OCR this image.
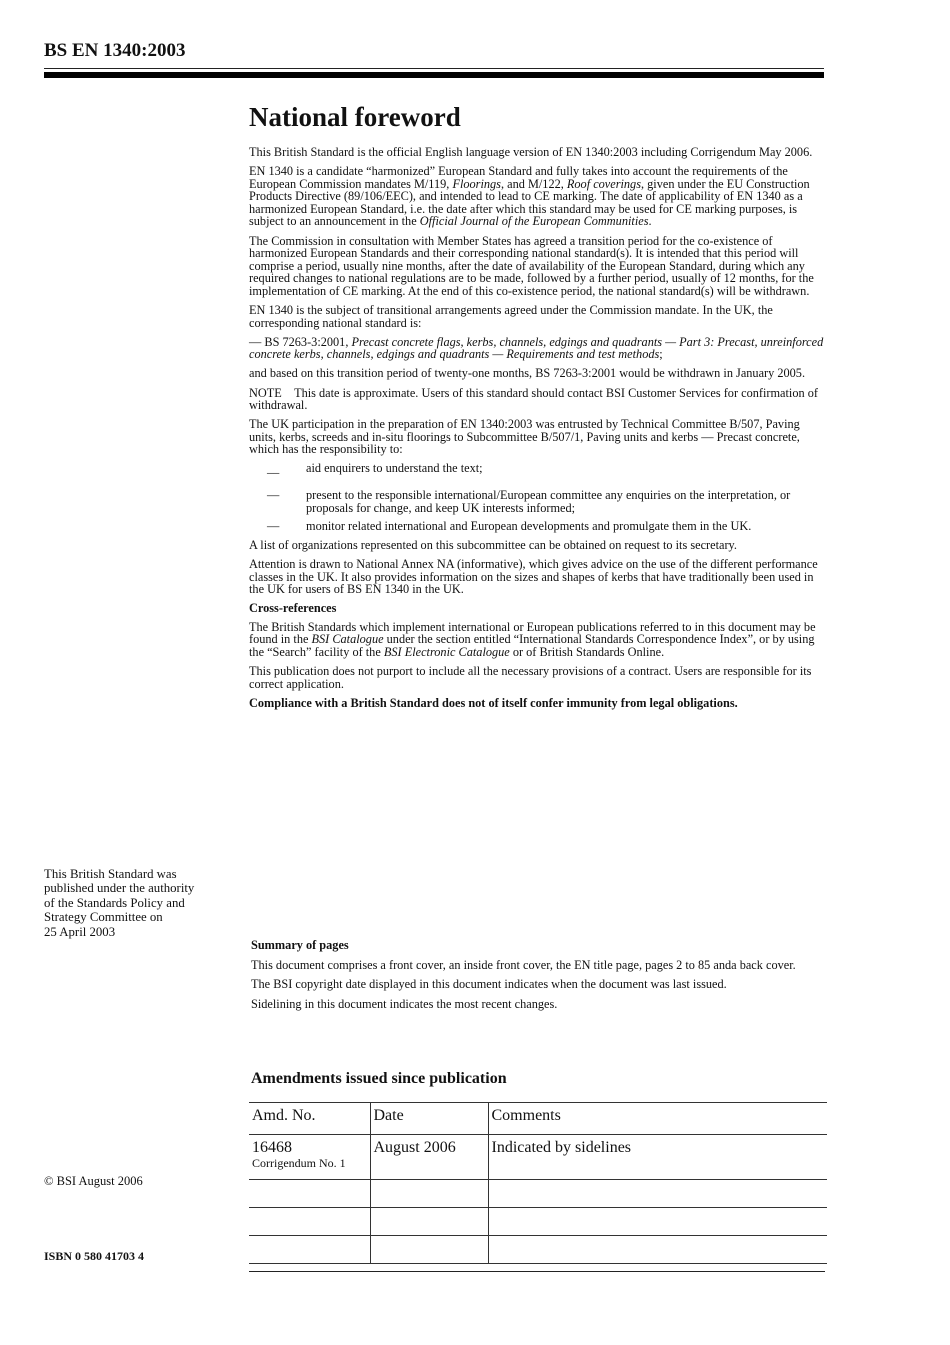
BS EN 1340:2003
National foreword

This British Standard is the official English language version of EN 1340:2003 including Corrigendum May 2006.

EN 1340 is a candidate “harmonized” European Standard and fully takes into account the requirements of the European Commission mandates M/119, Floorings, and M/122, Roof coverings, given under the EU Construction Products Directive (89/106/EEC), and intended to lead to CE marking. The date of applicability of EN 1340 as a harmonized European Standard, i.e. the date after which this standard may be used for CE marking purposes, is subject to an announcement in the Official Journal of the European Communities.

The Commission in consultation with Member States has agreed a transition period for the co-existence of harmonized European Standards and their corresponding national standard(s). It is intended that this period will comprise a period, usually nine months, after the date of availability of the European Standard, during which any required changes to national regulations are to be made, followed by a further period, usually of 12 months, for the implementation of CE marking. At the end of this co-existence period, the national standard(s) will be withdrawn.

EN 1340 is the subject of transitional arrangements agreed under the Commission mandate. In the UK, the corresponding national standard is:

— BS 7263-3:2001, Precast concrete flags, kerbs, channels, edgings and quadrants — Part 3: Precast, unreinforced concrete kerbs, channels, edgings and quadrants — Requirements and test methods;

and based on this transition period of twenty-one months, BS 7263-3:2001 would be withdrawn in January 2005.

NOTE This date is approximate. Users of this standard should contact BSI Customer Services for confirmation of withdrawal.

The UK participation in the preparation of EN 1340:2003 was entrusted by Technical Committee B/507, Paving units, kerbs, screeds and in-situ floorings to Subcommittee B/507/1, Paving units and kerbs — Precast concrete, which has the responsibility to:

__	aid enquirers to understand the text;
—	present to the responsible international/European committee any enquiries on the interpretation, or proposals for change, and keep UK interests informed;
—	monitor related international and European developments and promulgate them in the UK.

A list of organizations represented on this subcommittee can be obtained on request to its secretary.

Attention is drawn to National Annex NA (informative), which gives advice on the use of the different performance classes in the UK. It also provides information on the sizes and shapes of kerbs that have traditionally been used in the UK for users of BS EN 1340 in the UK.

Cross-references

The British Standards which implement international or European publications referred to in this document may be found in the BSI Catalogue under the section entitled “International Standards Correspondence Index”, or by using the “Search” facility of the BSI Electronic Catalogue or of British Standards Online.

This publication does not purport to include all the necessary provisions of a contract. Users are responsible for its correct application.

Compliance with a British Standard does not of itself confer immunity from legal obligations.

This British Standard was
published under the authority
of the Standards Policy and
Strategy Committee on
25 April 2003

Summary of pages

This document comprises a front cover, an inside front cover, the EN title page, pages 2 to 85 anda back cover.

The BSI copyright date displayed in this document indicates when the document was last issued.

Sidelining in this document indicates the most recent changes.

Amendments issued since publication
Amd. No.	Date	Comments
16468
Corrigendum No. 1	August 2006	Indicated by sidelines

© BSI August 2006
ISBN 0 580 41703 4
